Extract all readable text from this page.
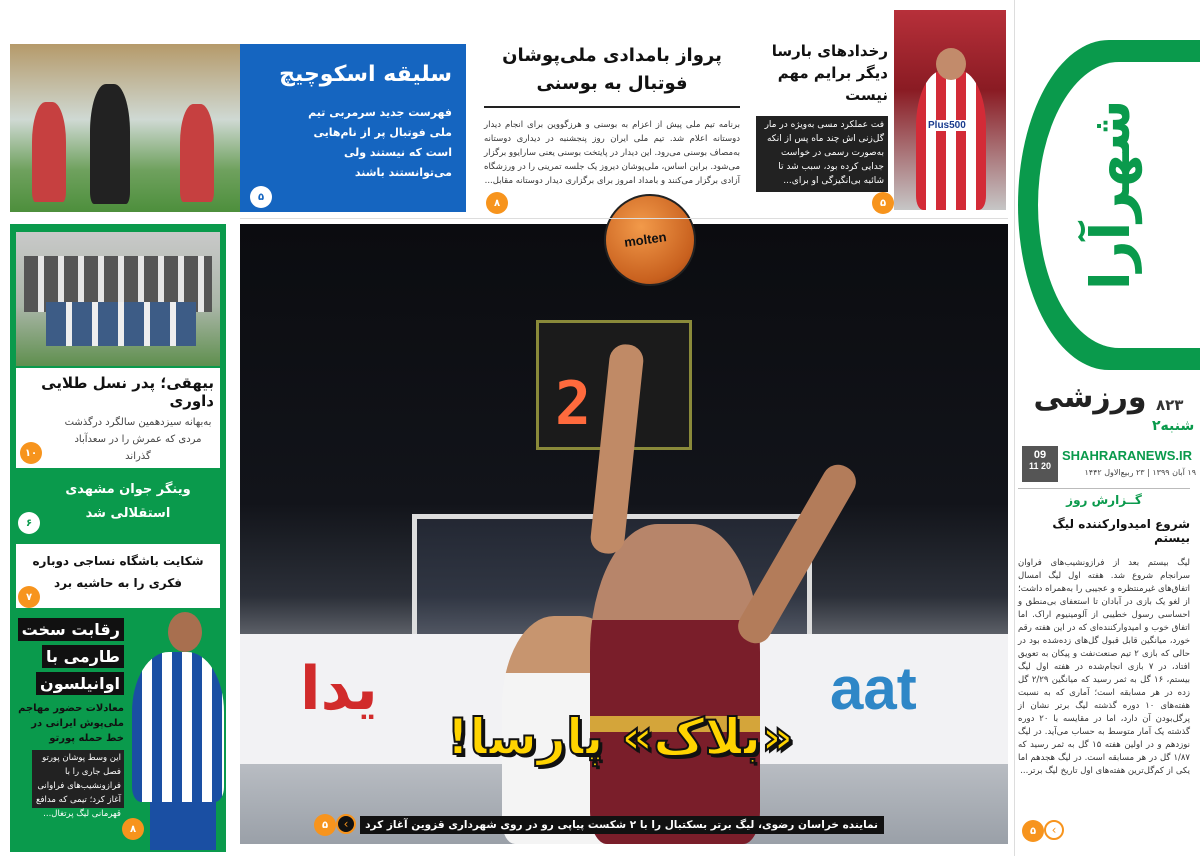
شهرآرا
ورزشی ۸۲۳
۲شنبه
SHAHRARANEWS.IR
09
11 20
۱۹ آبان ۱۳۹۹ | ۲۳ ربیع‌الاول ۱۴۴۲
گــزارش روز
شروع امیدوارکننده لیگ بیستم
لیگ بیستم بعد از فرازونشیب‌های فراوان سرانجام شروع شد. هفته اول لیگ امسال اتفاق‌های غیرمنتظره و عجیبی را به‌همراه داشت؛ از لغو یک بازی در آبادان تا استعفای بی‌منطق و احساسی رسول خطیبی از آلومینیوم اراک. اما اتفاق خوب و امیدوارکننده‌ای که در این هفته رقم خورد، میانگین قابل قبول گل‌های زده‌شده بود در حالی که بازی ۲ تیم صنعت‌نفت و پیکان به تعویق افتاد، در ۷ بازی انجام‌شده در هفته اول لیگ بیستم، ۱۶ گل به ثمر رسید که میانگین ۲/۲۹ گل زده در هر مسابقه است؛ آماری که به نسبت هفته‌های ۱۰ دوره گذشته لیگ برتر نشان از پرگل‌بودن آن دارد، اما در مقایسه با ۲۰ دوره گذشته یک آمار متوسط به حساب می‌آید. در لیگ نوزدهم و در اولین هفته ۱۵ گل به ثمر رسید که ۱/۸۷ گل در هر مسابقه است. در لیگ هجدهم اما یکی از کم‌گل‌ترین هفته‌های اول تاریخ لیگ برتر...
۵	‹
Plus500
رخدادهای بارسا دیگر برایم مهم نیست
فت عملکرد مسی به‌ویژه در مار گل‌زنی اش چند ماه پس از انکه به‌صورت رسمی در خواست جدایی کرده بود، سبب شد تا شائبه بی‌انگیزگی او برای...
۵
پرواز بامدادی ملی‌پوشان فوتبال به بوسنی
برنامه تیم ملی پیش از اعزام به بوسنی و هرزگووین برای انجام دیدار دوستانه اعلام شد. تیم ملی ایران روز پنجشنبه در دیداری دوستانه به‌مصاف بوسنی می‌رود. این دیدار در پایتخت بوسنی یعنی سارایوو برگزار می‌شود. براین اساس، ملی‌پوشان دیروز یک جلسه تمرینی را در ورزشگاه آزادی برگزار می‌کنند و بامداد امروز برای برگزاری دیدار دوستانه مقابل...
۸
سلیقه اسکوچیچ
فهرست جدید سرمربی تیم ملی فوتبال پر از نام‌هایی است که نیستند ولی می‌توانستند باشند
۵
بیهقی؛ پدر نسل طلایی داوری
به‌بهانه سیزدهمین سالگرد درگذشت مردی که عمرش را در سعدآباد گذراند
۱۰
وینگر جوان مشهدی استقلالی شد
۶
شکایت باشگاه نساجی دوباره فکری را به حاشیه برد
۷
رقابت سخت طارمی با اوانیلسون
معادلات حضور مهاجم ملی‌پوش ایرانی در خط حمله پورتو
این وسط پوشان پورتو فصل جاری را با فرازونشیب‌های فراوانی آغاز کرد؛ تیمی که مدافع قهرمانی لیگ پرتغال...
۸
2
aat
یدا
molten
«بلاک» پارسا!
نماینده خراسان رضوی، لیگ برتر بسکتبال را با ۲ شکست پیاپی رو در روی شهرداری قزوین آغاز کرد
۵	‹
